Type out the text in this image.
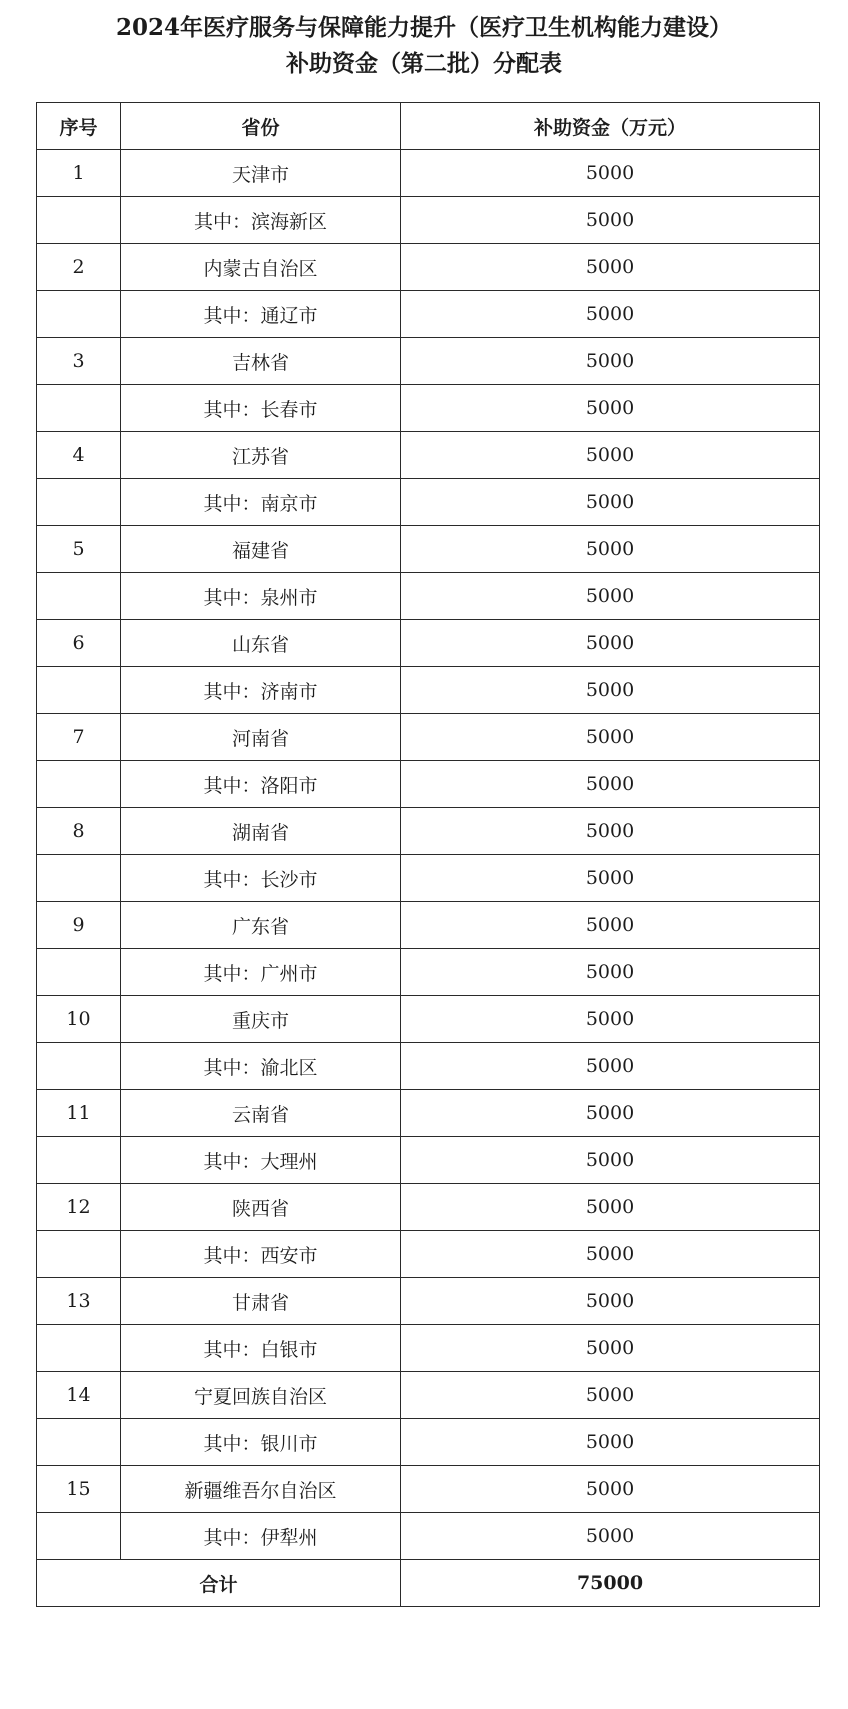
2024年医疗服务与保障能力提升（医疗卫生机构能力建设）
补助资金（第二批）分配表
序号	省份	补助资金（万元）
1	天津市	5000
	其中 ： 滨海新区	5000
2	内蒙古自治区	5000
	其中 ： 通辽市	5000
3	吉林省	5000
	其中 ： 长春市	5000
4	江苏省	5000
	其中 ： 南京市	5000
5	福建省	5000
	其中 ： 泉州市	5000
6	山东省	5000
	其中 ： 济南市	5000
7	河南省	5000
	其中 ： 洛阳市	5000
8	湖南省	5000
	其中 ： 长沙市	5000
9	广东省	5000
	其中 ： 广州市	5000
10	重庆市	5000
	其中 ： 渝北区	5000
11	云南省	5000
	其中 ： 大理州	5000
12	陕西省	5000
	其中 ： 西安市	5000
13	甘肃省	5000
	其中 ： 白银市	5000
14	宁夏回族自治区	5000
	其中 ： 银川市	5000
15	新疆维吾尔自治区	5000
	其中 ： 伊犁州	5000
合计		75000
